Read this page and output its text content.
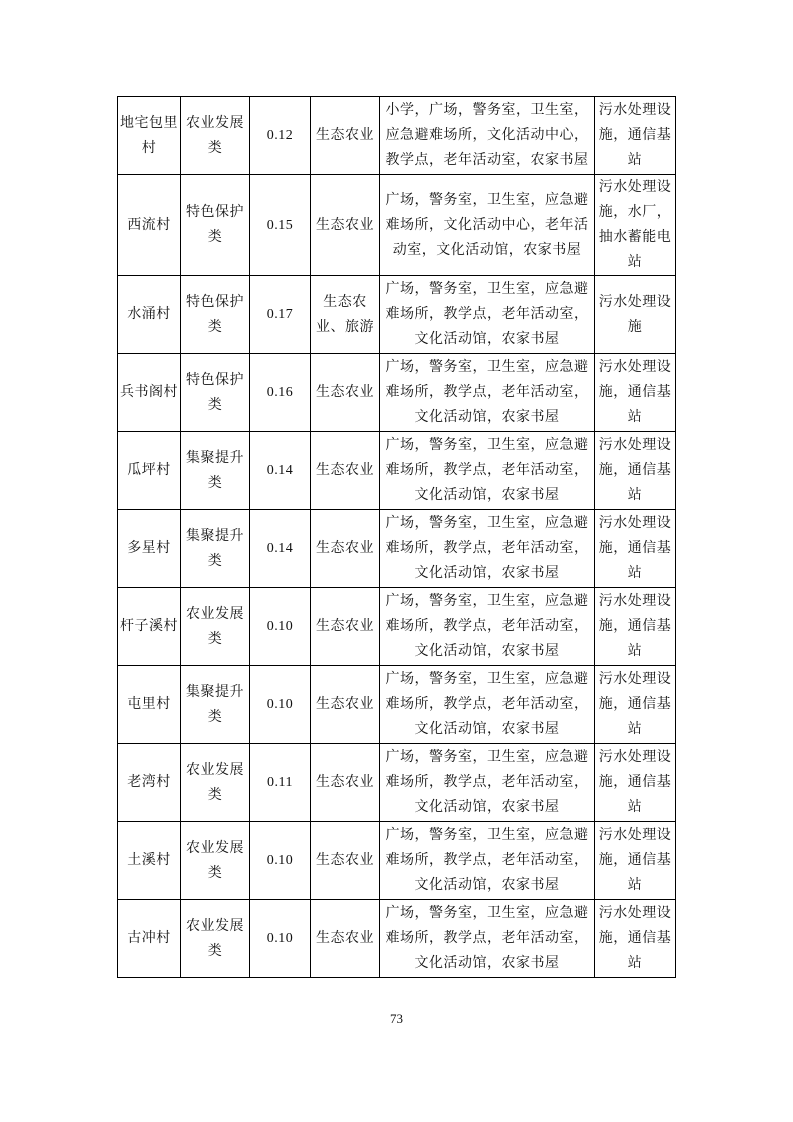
地宅包里村	农业发展类	0.12	生态农业	小学，广场，警务室，卫生室，应急避难场所，文化活动中心，教学点，老年活动室，农家书屋	污水处理设施，通信基站
西流村	特色保护类	0.15	生态农业	广场，警务室，卫生室，应急避难场所，文化活动中心，老年活动室，文化活动馆，农家书屋	污水处理设施，水厂，抽水蓄能电站
水涌村	特色保护类	0.17	生态农业、旅游	广场，警务室，卫生室，应急避难场所，教学点，老年活动室，文化活动馆，农家书屋	污水处理设施
兵书阁村	特色保护类	0.16	生态农业	广场，警务室，卫生室，应急避难场所，教学点，老年活动室，文化活动馆，农家书屋	污水处理设施，通信基站
瓜坪村	集聚提升类	0.14	生态农业	广场，警务室，卫生室，应急避难场所，教学点，老年活动室，文化活动馆，农家书屋	污水处理设施，通信基站
多星村	集聚提升类	0.14	生态农业	广场，警务室，卫生室，应急避难场所，教学点，老年活动室，文化活动馆，农家书屋	污水处理设施，通信基站
杆子溪村	农业发展类	0.10	生态农业	广场，警务室，卫生室，应急避难场所，教学点，老年活动室，文化活动馆，农家书屋	污水处理设施，通信基站
屯里村	集聚提升类	0.10	生态农业	广场，警务室，卫生室，应急避难场所，教学点，老年活动室，文化活动馆，农家书屋	污水处理设施，通信基站
老湾村	农业发展类	0.11	生态农业	广场，警务室，卫生室，应急避难场所，教学点，老年活动室，文化活动馆，农家书屋	污水处理设施，通信基站
土溪村	农业发展类	0.10	生态农业	广场，警务室，卫生室，应急避难场所，教学点，老年活动室，文化活动馆，农家书屋	污水处理设施，通信基站
古冲村	农业发展类	0.10	生态农业	广场，警务室，卫生室，应急避难场所，教学点，老年活动室，文化活动馆，农家书屋	污水处理设施，通信基站
73
